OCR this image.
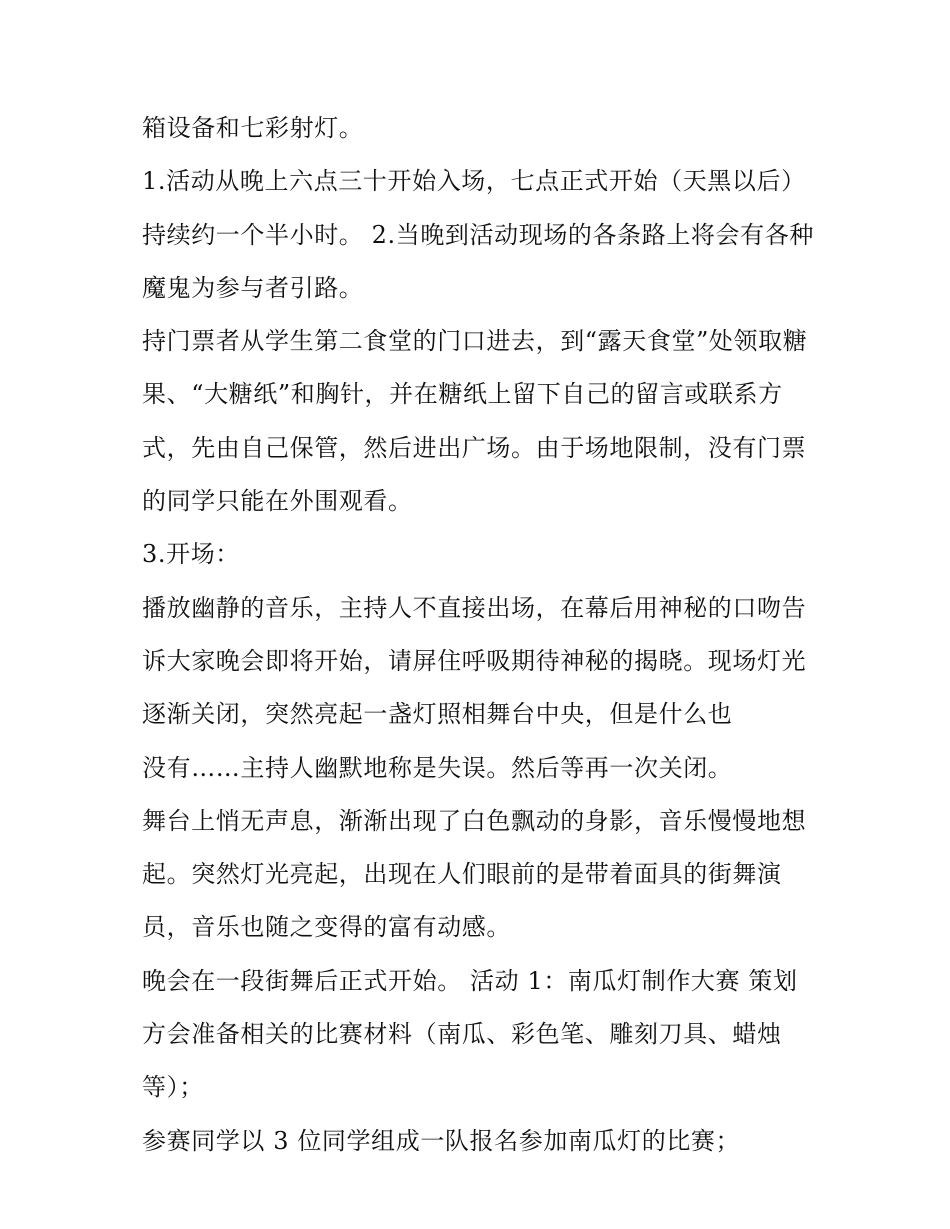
箱设备和七彩射灯。
1.活动从晚上六点三十开始入场，七点正式开始（天黑以后）
持续约一个半小时。 2.当晚到活动现场的各条路上将会有各种
魔鬼为参与者引路。
持门票者从学生第二食堂的门口进去，到“露天食堂”处领取糖
果、“大糖纸”和胸针，并在糖纸上留下自己的留言或联系方
式，先由自己保管，然后进出广场。由于场地限制，没有门票
的同学只能在外围观看。
3.开场：
播放幽静的音乐，主持人不直接出场，在幕后用神秘的口吻告
诉大家晚会即将开始，请屏住呼吸期待神秘的揭晓。现场灯光
逐渐关闭，突然亮起一盏灯照相舞台中央，但是什么也
没有……主持人幽默地称是失误。然后等再一次关闭。
舞台上悄无声息，渐渐出现了白色飘动的身影，音乐慢慢地想
起。突然灯光亮起，出现在人们眼前的是带着面具的街舞演
员，音乐也随之变得的富有动感。
晚会在一段街舞后正式开始。 活动 1：南瓜灯制作大赛 策划
方会准备相关的比赛材料（南瓜、彩色笔、雕刻刀具、蜡烛
等）；
参赛同学以 3 位同学组成一队报名参加南瓜灯的比赛；
